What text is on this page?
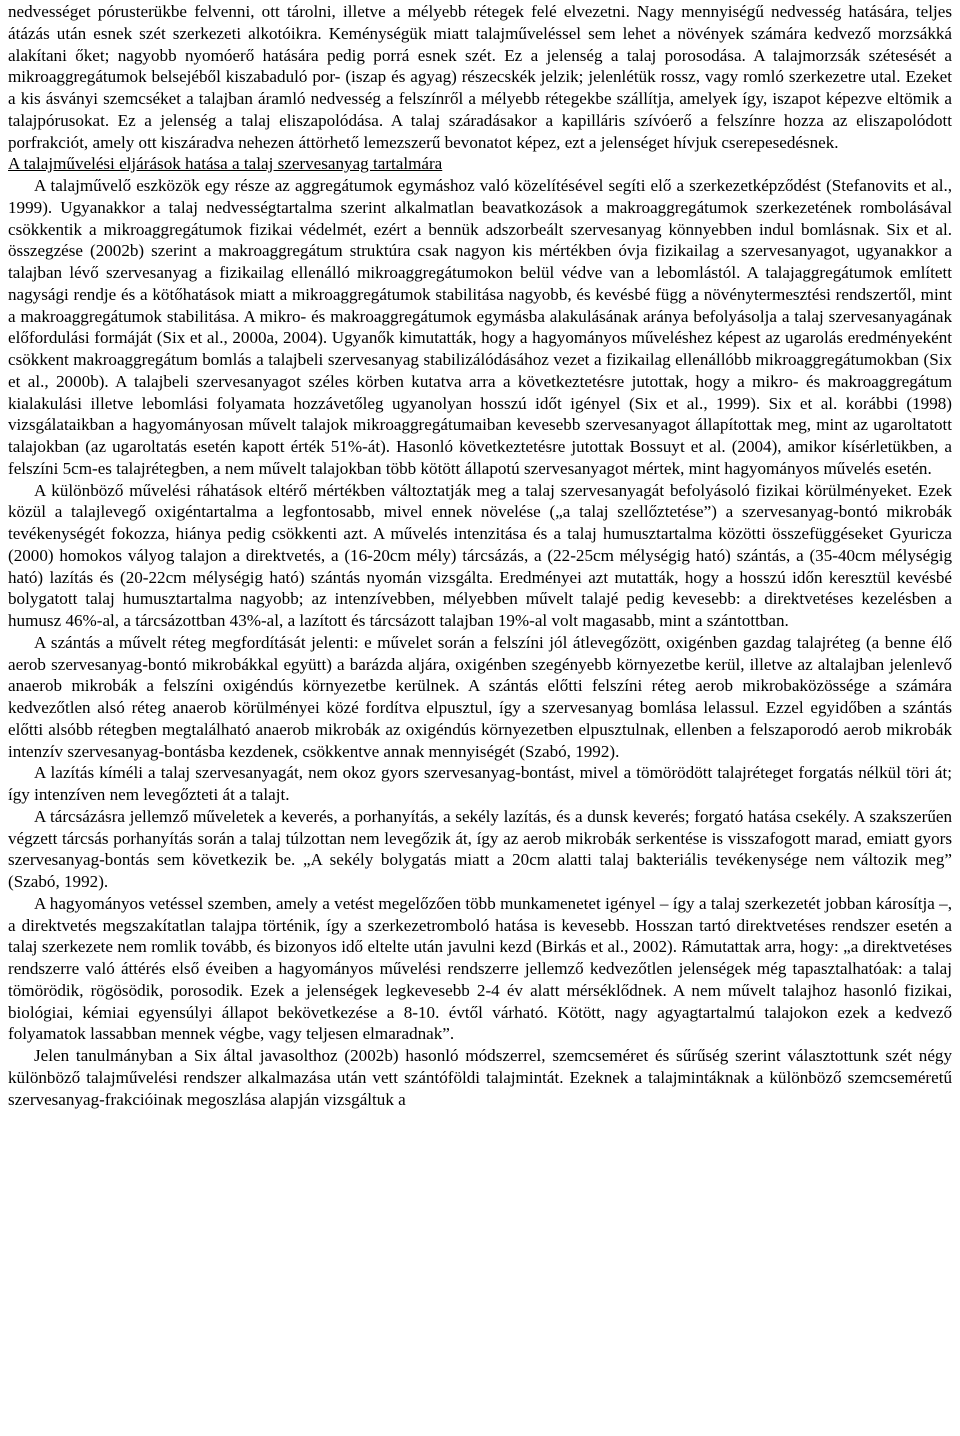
nedvességet pórusterükbe felvenni, ott tárolni, illetve a mélyebb rétegek felé elvezetni. Nagy mennyiségű nedvesség hatására, teljes átázás után esnek szét szerkezeti alkotóikra. Keménységük miatt talajműveléssel sem lehet a növények számára kedvező morzsákká alakítani őket; nagyobb nyomóerő hatására pedig porrá esnek szét. Ez a jelenség a talaj porosodása. A talajmorzsák szétesését a mikroaggregátumok belsejéből kiszabaduló por- (iszap és agyag) részecskék jelzik; jelenlétük rossz, vagy romló szerkezetre utal. Ezeket a kis ásványi szemcséket a talajban áramló nedvesség a felszínről a mélyebb rétegekbe szállítja, amelyek így, iszapot képezve eltömik a talajpórusokat. Ez a jelenség a talaj eliszapolódása. A talaj száradásakor a kapilláris szívóerő a felszínre hozza az eliszapolódott porfrakciót, amely ott kiszáradva nehezen áttörhető lemezszerű bevonatot képez, ezt a jelenséget hívjuk cserepesedésnek.

A talajművelési eljárások hatása a talaj szervesanyag tartalmára

A talajművelő eszközök egy része az aggregátumok egymáshoz való közelítésével segíti elő a szerkezetképződést (Stefanovits et al., 1999). Ugyanakkor a talaj nedvességtartalma szerint alkalmatlan beavatkozások a makroaggregátumok szerkezetének rombolásával csökkentik a mikroaggregátumok fizikai védelmét, ezért a bennük adszorbeált szervesanyag könnyebben indul bomlásnak. Six et al. összegzése (2002b) szerint a makroaggregátum struktúra csak nagyon kis mértékben óvja fizikailag a szervesanyagot, ugyanakkor a talajban lévő szervesanyag a fizikailag ellenálló mikroaggregátumokon belül védve van a lebomlástól. A talajaggregátumok említett nagysági rendje és a kötőhatások miatt a mikroaggregátumok stabilitása nagyobb, és kevésbé függ a növénytermesztési rendszertől, mint a makroaggregátumok stabilitása. A mikro- és makroaggregátumok egymásba alakulásának aránya befolyásolja a talaj szervesanyagának előfordulási formáját (Six et al., 2000a, 2004). Ugyanők kimutatták, hogy a hagyományos műveléshez képest az ugarolás eredményeként csökkent makroaggregátum bomlás a talajbeli szervesanyag stabilizálódásához vezet a fizikailag ellenállóbb mikroaggregátumokban (Six et al., 2000b). A talajbeli szervesanyagot széles körben kutatva arra a következtetésre jutottak, hogy a mikro- és makroaggregátum kialakulási illetve lebomlási folyamata hozzávetőleg ugyanolyan hosszú időt igényel (Six et al., 1999). Six et al. korábbi (1998) vizsgálataikban a hagyományosan művelt talajok mikroaggregátumaiban kevesebb szervesanyagot állapítottak meg, mint az ugaroltatott talajokban (az ugaroltatás esetén kapott érték 51%-át). Hasonló következtetésre jutottak Bossuyt et al. (2004), amikor kísérletükben, a felszíni 5cm-es talajrétegben, a nem művelt talajokban több kötött állapotú szervesanyagot mértek, mint hagyományos művelés esetén.

A különböző művelési ráhatások eltérő mértékben változtatják meg a talaj szervesanyagát befolyásoló fizikai körülményeket. Ezek közül a talajlevegő oxigéntartalma a legfontosabb, mivel ennek növelése („a talaj szellőztetése”) a szervesanyag-bontó mikrobák tevékenységét fokozza, hiánya pedig csökkenti azt. A művelés intenzitása és a talaj humusztartalma közötti összefüggéseket Gyuricza (2000) homokos vályog talajon a direktvetés, a (16-20cm mély) tárcsázás, a (22-25cm mélységig ható) szántás, a (35-40cm mélységig ható) lazítás és (20-22cm mélységig ható) szántás nyomán vizsgálta. Eredményei azt mutatták, hogy a hosszú időn keresztül kevésbé bolygatott talaj humusztartalma nagyobb; az intenzívebben, mélyebben művelt talajé pedig kevesebb: a direktvetéses kezelésben a humusz 46%-al, a tárcsázottban 43%-al, a lazított és tárcsázott talajban 19%-al volt magasabb, mint a szántottban.

A szántás a művelt réteg megfordítását jelenti: e művelet során a felszíni jól átlevegőzött, oxigénben gazdag talajréteg (a benne élő aerob szervesanyag-bontó mikrobákkal együtt) a barázda aljára, oxigénben szegényebb környezetbe kerül, illetve az altalajban jelenlevő anaerob mikrobák a felszíni oxigéndús környezetbe kerülnek. A szántás előtti felszíni réteg aerob mikrobaközössége a számára kedvezőtlen alsó réteg anaerob körülményei közé fordítva elpusztul, így a szervesanyag bomlása lelassul. Ezzel egyidőben a szántás előtti alsóbb rétegben megtalálható anaerob mikrobák az oxigéndús környezetben elpusztulnak, ellenben a felszaporodó aerob mikrobák intenzív szervesanyag-bontásba kezdenek, csökkentve annak mennyiségét (Szabó, 1992).

A lazítás kíméli a talaj szervesanyagát, nem okoz gyors szervesanyag-bontást, mivel a tömörödött talajréteget forgatás nélkül töri át; így intenzíven nem levegőzteti át a talajt.

A tárcsázásra jellemző műveletek a keverés, a porhanyítás, a sekély lazítás, és a dunsk keverés; forgató hatása csekély. A szakszerűen végzett tárcsás porhanyítás során a talaj túlzottan nem levegőzik át, így az aerob mikrobák serkentése is visszafogott marad, emiatt gyors szervesanyag-bontás sem következik be. „A sekély bolygatás miatt a 20cm alatti talaj bakteriális tevékenysége nem változik meg” (Szabó, 1992).

A hagyományos vetéssel szemben, amely a vetést megelőzően több munkamenetet igényel – így a talaj szerkezetét jobban károsítja –, a direktvetés megszakítatlan talajpa történik, így a szerkezetromboló hatása is kevesebb. Hosszan tartó direktvetéses rendszer esetén a talaj szerkezete nem romlik tovább, és bizonyos idő eltelte után javulni kezd (Birkás et al., 2002). Rámutattak arra, hogy: „a direktvetéses rendszerre való áttérés első éveiben a hagyományos művelési rendszerre jellemző kedvezőtlen jelenségek még tapasztalhatóak: a talaj tömörödik, rögösödik, porosodik. Ezek a jelenségek legkevesebb 2-4 év alatt mérséklődnek. A nem művelt talajhoz hasonló fizikai, biológiai, kémiai egyensúlyi állapot bekövetkezése a 8-10. évtől várható. Kötött, nagy agyagtartalmú talajokon ezek a kedvező folyamatok lassabban mennek végbe, vagy teljesen elmaradnak”.

Jelen tanulmányban a Six által javasolthoz (2002b) hasonló módszerrel, szemcseméret és sűrűség szerint választottunk szét négy különböző talajművelési rendszer alkalmazása után vett szántóföldi talajmintát. Ezeknek a talajmintáknak a különböző szemcseméretű szervesanyag-frakcióinak megoszlása alapján vizsgáltuk a
